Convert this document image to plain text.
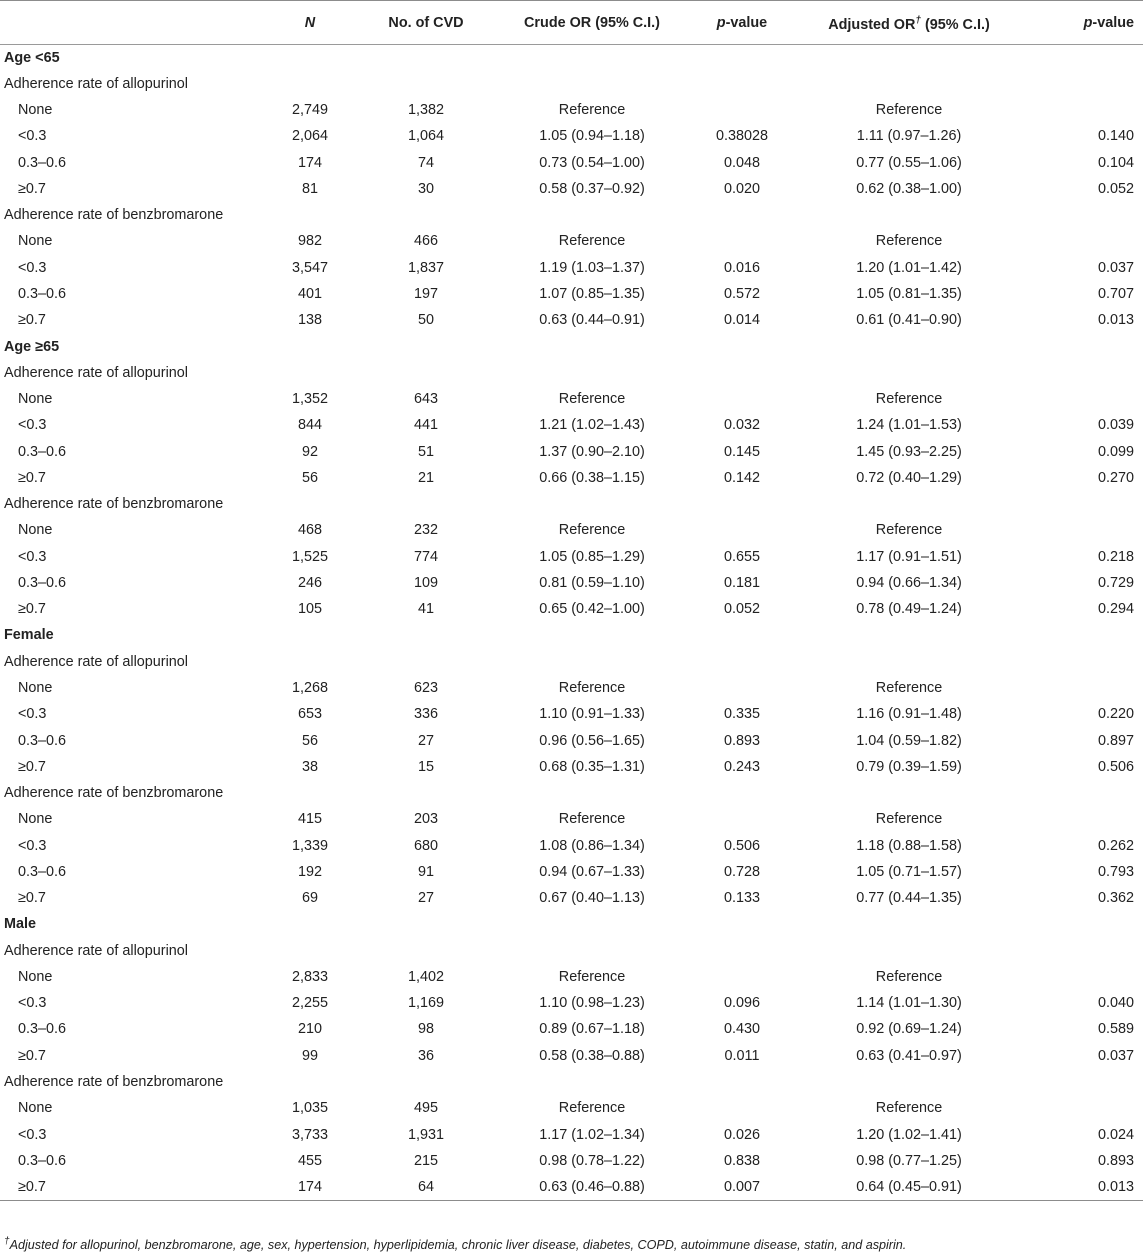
	N	No. of CVD	Crude OR (95% C.I.)	p-value	Adjusted OR† (95% C.I.)	p-value
Age <65						
Adherence rate of allopurinol						
None	2,749	1,382	Reference		Reference	
<0.3	2,064	1,064	1.05 (0.94–1.18)	0.38028	1.11 (0.97–1.26)	0.140
0.3–0.6	174	74	0.73 (0.54–1.00)	0.048	0.77 (0.55–1.06)	0.104
≥0.7	81	30	0.58 (0.37–0.92)	0.020	0.62 (0.38–1.00)	0.052
Adherence rate of benzbromarone						
None	982	466	Reference		Reference	
<0.3	3,547	1,837	1.19 (1.03–1.37)	0.016	1.20 (1.01–1.42)	0.037
0.3–0.6	401	197	1.07 (0.85–1.35)	0.572	1.05 (0.81–1.35)	0.707
≥0.7	138	50	0.63 (0.44–0.91)	0.014	0.61 (0.41–0.90)	0.013
Age ≥65						
Adherence rate of allopurinol						
None	1,352	643	Reference		Reference	
<0.3	844	441	1.21 (1.02–1.43)	0.032	1.24 (1.01–1.53)	0.039
0.3–0.6	92	51	1.37 (0.90–2.10)	0.145	1.45 (0.93–2.25)	0.099
≥0.7	56	21	0.66 (0.38–1.15)	0.142	0.72 (0.40–1.29)	0.270
Adherence rate of benzbromarone						
None	468	232	Reference		Reference	
<0.3	1,525	774	1.05 (0.85–1.29)	0.655	1.17 (0.91–1.51)	0.218
0.3–0.6	246	109	0.81 (0.59–1.10)	0.181	0.94 (0.66–1.34)	0.729
≥0.7	105	41	0.65 (0.42–1.00)	0.052	0.78 (0.49–1.24)	0.294
Female						
Adherence rate of allopurinol						
None	1,268	623	Reference		Reference	
<0.3	653	336	1.10 (0.91–1.33)	0.335	1.16 (0.91–1.48)	0.220
0.3–0.6	56	27	0.96 (0.56–1.65)	0.893	1.04 (0.59–1.82)	0.897
≥0.7	38	15	0.68 (0.35–1.31)	0.243	0.79 (0.39–1.59)	0.506
Adherence rate of benzbromarone						
None	415	203	Reference		Reference	
<0.3	1,339	680	1.08 (0.86–1.34)	0.506	1.18 (0.88–1.58)	0.262
0.3–0.6	192	91	0.94 (0.67–1.33)	0.728	1.05 (0.71–1.57)	0.793
≥0.7	69	27	0.67 (0.40–1.13)	0.133	0.77 (0.44–1.35)	0.362
Male						
Adherence rate of allopurinol						
None	2,833	1,402	Reference		Reference	
<0.3	2,255	1,169	1.10 (0.98–1.23)	0.096	1.14 (1.01–1.30)	0.040
0.3–0.6	210	98	0.89 (0.67–1.18)	0.430	0.92 (0.69–1.24)	0.589
≥0.7	99	36	0.58 (0.38–0.88)	0.011	0.63 (0.41–0.97)	0.037
Adherence rate of benzbromarone						
None	1,035	495	Reference		Reference	
<0.3	3,733	1,931	1.17 (1.02–1.34)	0.026	1.20 (1.02–1.41)	0.024
0.3–0.6	455	215	0.98 (0.78–1.22)	0.838	0.98 (0.77–1.25)	0.893
≥0.7	174	64	0.63 (0.46–0.88)	0.007	0.64 (0.45–0.91)	0.013
†Adjusted for allopurinol, benzbromarone, age, sex, hypertension, hyperlipidemia, chronic liver disease, diabetes, COPD, autoimmune disease, statin, and aspirin.
